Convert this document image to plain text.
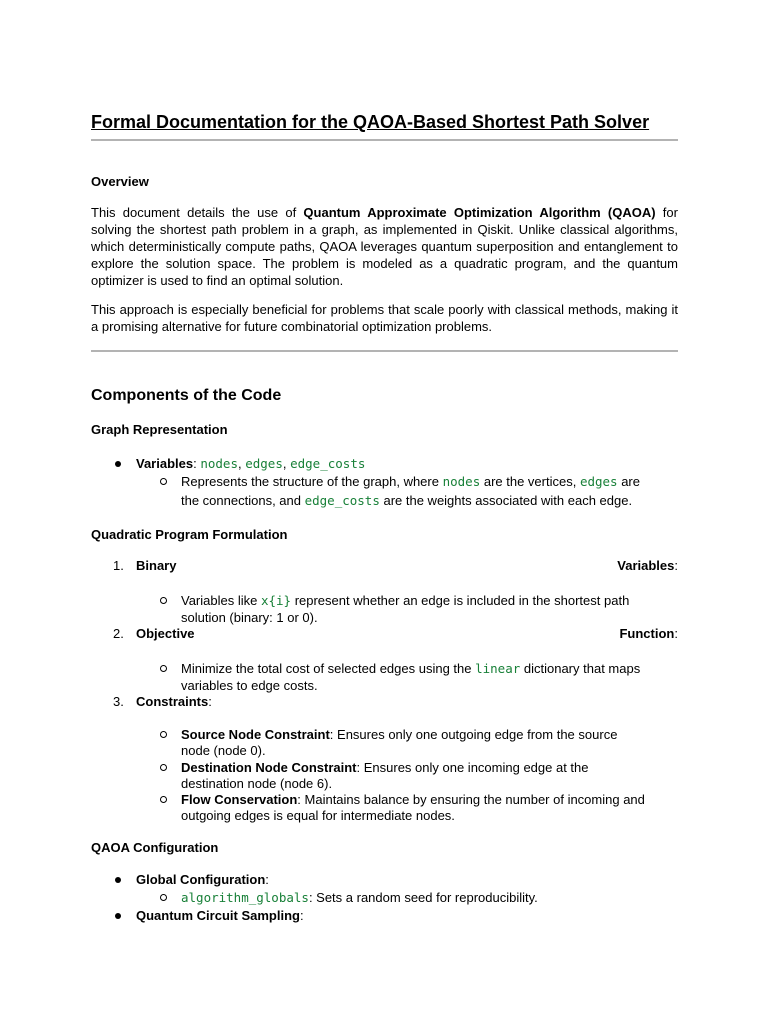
Formal Documentation for the QAOA-Based Shortest Path Solver
Overview

This document details the use of Quantum Approximate Optimization Algorithm (QAOA) for solving the shortest path problem in a graph, as implemented in Qiskit. Unlike classical algorithms, which deterministically compute paths, QAOA leverages quantum superposition and entanglement to explore the solution space. The problem is modeled as a quadratic program, and the quantum optimizer is used to find an optimal solution.

This approach is especially beneficial for problems that scale poorly with classical methods, making it a promising alternative for future combinatorial optimization problems.

Components of the Code
Graph Representation

Variables: nodes, edges, edge_costs

Represents the structure of the graph, where nodes are the vertices, edges are

the connections, and edge_costs are the weights associated with each edge.

Quadratic Program Formulation
1. Binary	Variables:

Variables like x{i} represent whether an edge is included in the shortest path

solution (binary: 1 or 0).

2. Objective	Function:

Minimize the total cost of selected edges using the linear dictionary that maps

variables to edge costs.

3. Constraints:

Source Node Constraint: Ensures only one outgoing edge from the source

node (node 0).

Destination Node Constraint: Ensures only one incoming edge at the

destination node (node 6).

Flow Conservation: Maintains balance by ensuring the number of incoming and

outgoing edges is equal for intermediate nodes.

QAOA Configuration

Global Configuration:

algorithm_globals: Sets a random seed for reproducibility.

Quantum Circuit Sampling:
